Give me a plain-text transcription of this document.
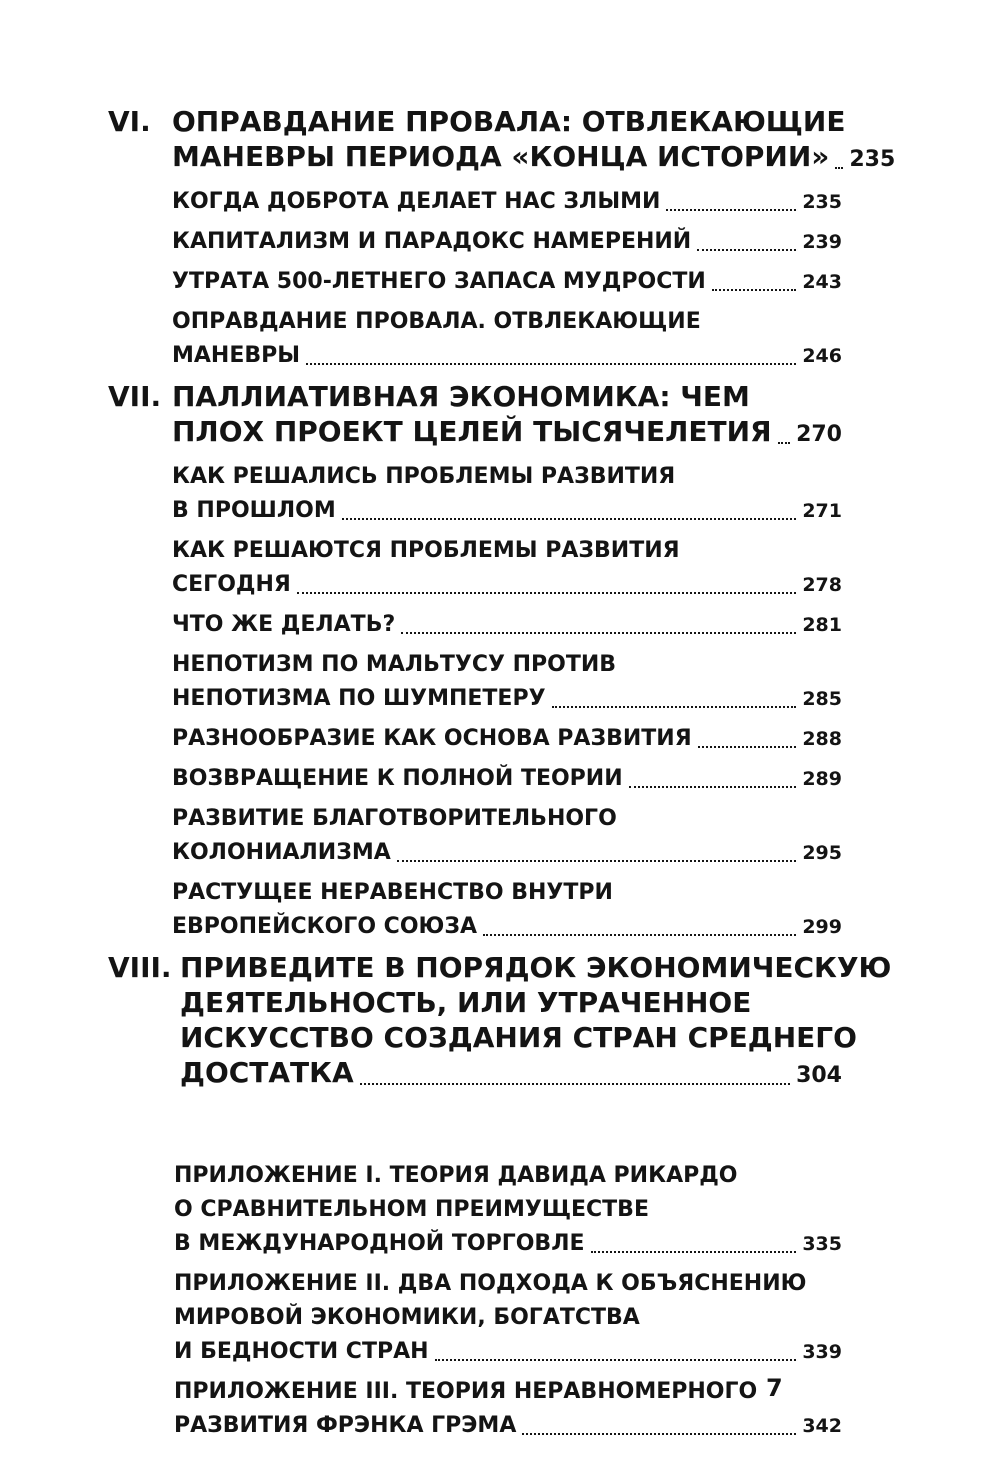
VI. ОПРАВДАНИЕ ПРОВАЛА: ОТВЛЕКАЮЩИЕ
МАНЕВРЫ ПЕРИОДА «КОНЦА ИСТОРИИ» 235
КОГДА ДОБРОТА ДЕЛАЕТ НАС ЗЛЫМИ	235
КАПИТАЛИЗМ И ПАРАДОКС НАМЕРЕНИЙ	239
УТРАТА 500-ЛЕТНЕГО ЗАПАСА МУДРОСТИ	243
ОПРАВДАНИЕ ПРОВАЛА. ОТВЛЕКАЮЩИЕ
МАНЕВРЫ	246
VII. ПАЛЛИАТИВНАЯ ЭКОНОМИКА: ЧЕМ
ПЛОХ ПРОЕКТ ЦЕЛЕЙ ТЫСЯЧЕЛЕТИЯ 270
КАК РЕШАЛИСЬ ПРОБЛЕМЫ РАЗВИТИЯ
В ПРОШЛОМ	271
КАК РЕШАЮТСЯ ПРОБЛЕМЫ РАЗВИТИЯ
СЕГОДНЯ	278
ЧТО ЖЕ ДЕЛАТЬ?	281
НЕПОТИЗМ ПО МАЛЬТУСУ ПРОТИВ
НЕПОТИЗМА ПО ШУМПЕТЕРУ	285
РАЗНООБРАЗИЕ КАК ОСНОВА РАЗВИТИЯ	288
ВОЗВРАЩЕНИЕ К ПОЛНОЙ ТЕОРИИ	289
РАЗВИТИЕ БЛАГОТВОРИТЕЛЬНОГО
КОЛОНИАЛИЗМА	295
РАСТУЩЕЕ НЕРАВЕНСТВО ВНУТРИ
ЕВРОПЕЙСКОГО СОЮЗА	299
VIII. ПРИВЕДИТЕ В ПОРЯДОК ЭКОНОМИЧЕСКУЮ
ДЕЯТЕЛЬНОСТЬ, ИЛИ УТРАЧЕННОЕ
ИСКУССТВО СОЗДАНИЯ СТРАН СРЕДНЕГО
ДОСТАТКА	304
ПРИЛОЖЕНИЕ I. ТЕОРИЯ ДАВИДА РИКАРДО
О СРАВНИТЕЛЬНОМ ПРЕИМУЩЕСТВЕ
В МЕЖДУНАРОДНОЙ ТОРГОВЛЕ	335
ПРИЛОЖЕНИЕ II. ДВА ПОДХОДА К ОБЪЯСНЕНИЮ
МИРОВОЙ ЭКОНОМИКИ, БОГАТСТВА
И БЕДНОСТИ СТРАН	339
ПРИЛОЖЕНИЕ III. ТЕОРИЯ НЕРАВНОМЕРНОГО
РАЗВИТИЯ ФРЭНКА ГРЭМА	342
7
